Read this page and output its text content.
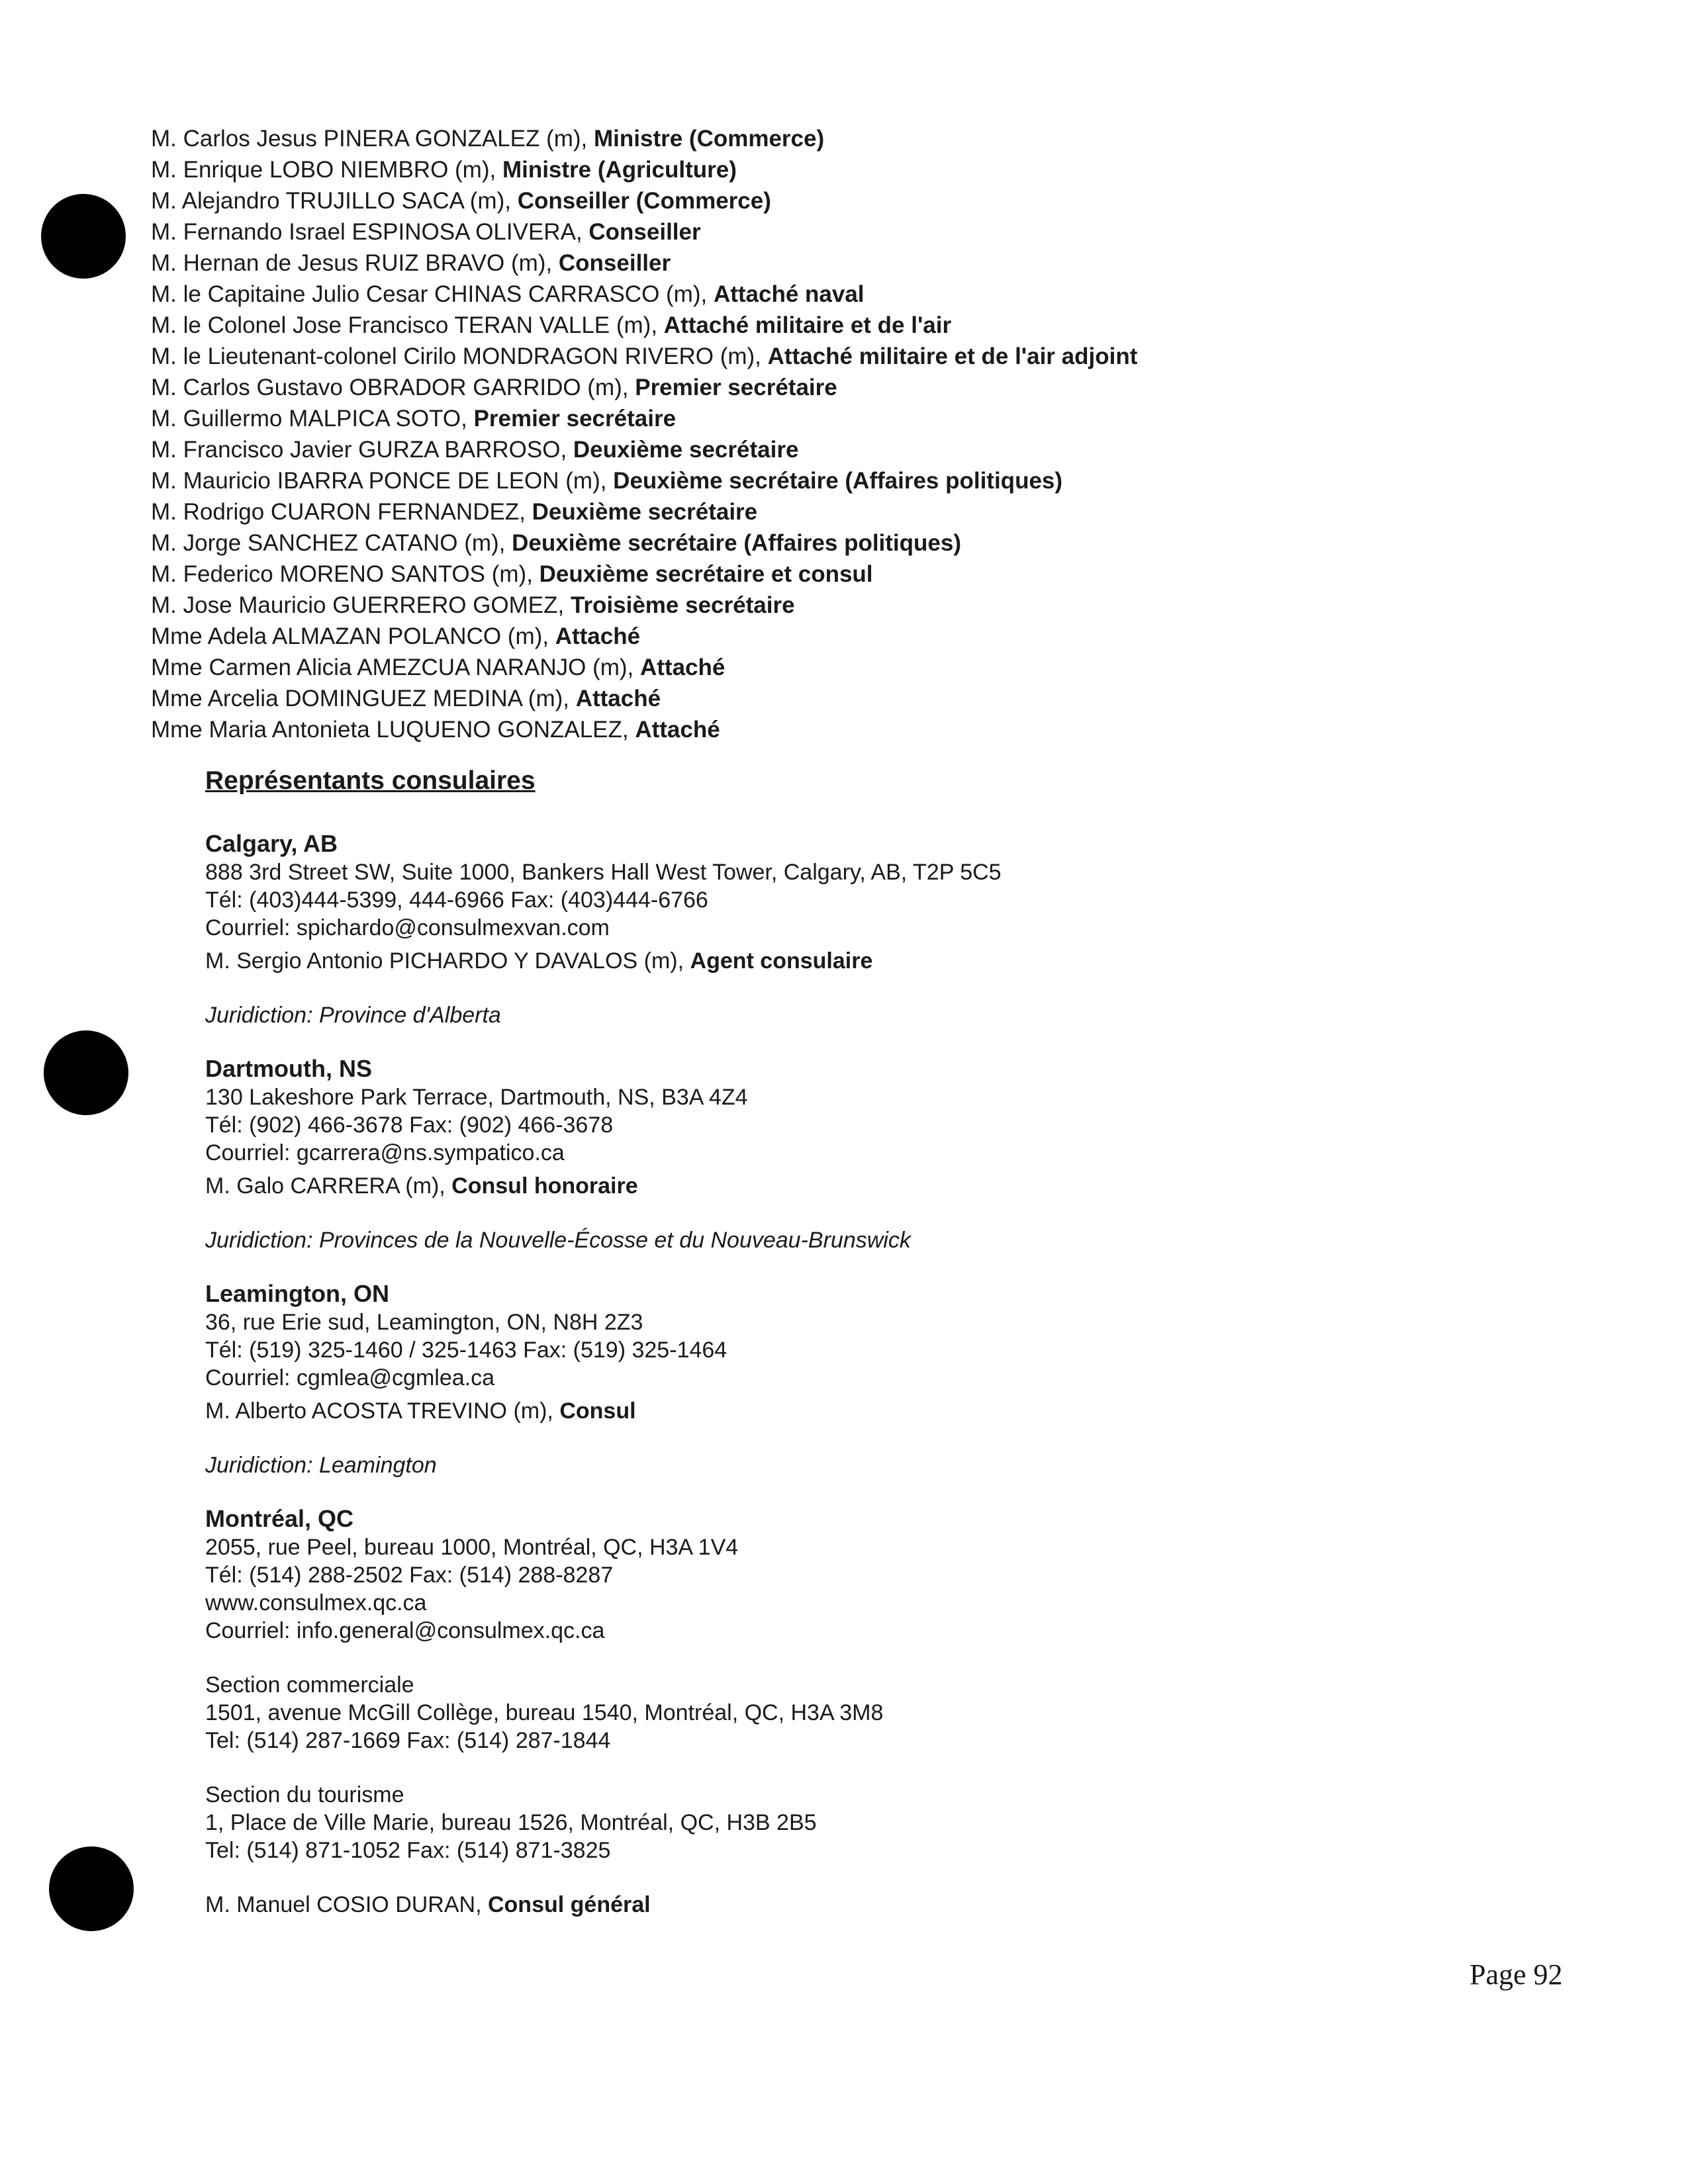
M. Carlos Jesus PINERA GONZALEZ (m), Ministre (Commerce)
M. Enrique LOBO NIEMBRO (m), Ministre (Agriculture)
M. Alejandro TRUJILLO SACA (m), Conseiller (Commerce)
M. Fernando Israel ESPINOSA OLIVERA, Conseiller
M. Hernan de Jesus RUIZ BRAVO (m), Conseiller
M. le Capitaine Julio Cesar CHINAS CARRASCO (m), Attaché naval
M. le Colonel Jose Francisco TERAN VALLE (m), Attaché militaire et de l'air
M. le Lieutenant-colonel Cirilo MONDRAGON RIVERO (m), Attaché militaire et de l'air adjoint
M. Carlos Gustavo OBRADOR GARRIDO (m), Premier secrétaire
M. Guillermo MALPICA SOTO, Premier secrétaire
M. Francisco Javier GURZA BARROSO, Deuxième secrétaire
M. Mauricio IBARRA PONCE DE LEON (m), Deuxième secrétaire (Affaires politiques)
M. Rodrigo CUARON FERNANDEZ, Deuxième secrétaire
M. Jorge SANCHEZ CATANO (m), Deuxième secrétaire (Affaires politiques)
M. Federico MORENO SANTOS (m), Deuxième secrétaire et consul
M. Jose Mauricio GUERRERO GOMEZ, Troisième secrétaire
Mme Adela ALMAZAN POLANCO (m), Attaché
Mme Carmen Alicia AMEZCUA NARANJO (m), Attaché
Mme Arcelia DOMINGUEZ MEDINA (m), Attaché
Mme Maria Antonieta LUQUENO GONZALEZ, Attaché
Représentants consulaires
Calgary, AB
888 3rd Street SW, Suite 1000, Bankers Hall West Tower, Calgary, AB, T2P 5C5
Tél: (403)444-5399, 444-6966 Fax: (403)444-6766
Courriel: spichardo@consulmexvan.com
M. Sergio Antonio PICHARDO Y DAVALOS (m), Agent consulaire
Juridiction: Province d'Alberta
Dartmouth, NS
130 Lakeshore Park Terrace, Dartmouth, NS, B3A 4Z4
Tél: (902) 466-3678 Fax: (902) 466-3678
Courriel: gcarrera@ns.sympatico.ca
M. Galo CARRERA (m), Consul honoraire
Juridiction: Provinces de la Nouvelle-Écosse et du Nouveau-Brunswick
Leamington, ON
36, rue Erie sud, Leamington, ON, N8H 2Z3
Tél: (519) 325-1460 / 325-1463 Fax: (519) 325-1464
Courriel: cgmlea@cgmlea.ca
M. Alberto ACOSTA TREVINO (m), Consul
Juridiction: Leamington
Montréal, QC
2055, rue Peel, bureau 1000, Montréal, QC, H3A 1V4
Tél: (514) 288-2502 Fax: (514) 288-8287
www.consulmex.qc.ca
Courriel: info.general@consulmex.qc.ca
Section commerciale
1501, avenue McGill Collège, bureau 1540, Montréal, QC, H3A 3M8
Tel: (514) 287-1669 Fax: (514) 287-1844
Section du tourisme
1, Place de Ville Marie, bureau 1526, Montréal, QC, H3B 2B5
Tel: (514) 871-1052 Fax: (514) 871-3825
M. Manuel COSIO DURAN, Consul général
Page 92
